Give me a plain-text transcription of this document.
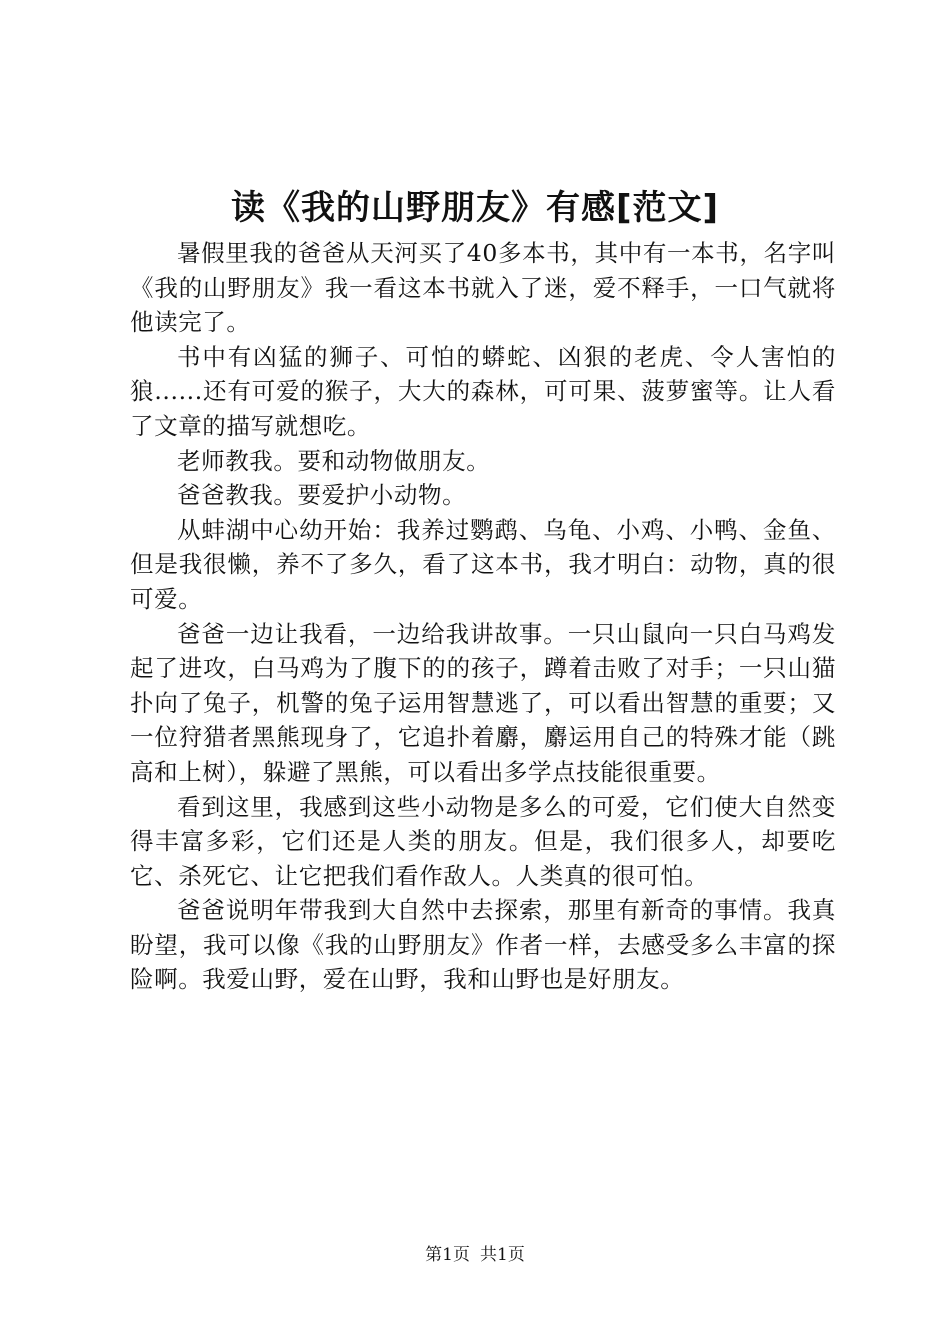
读《我的山野朋友》有感[范文]

暑假里我的爸爸从天河买了40多本书，其中有一本书，名字叫《我的山野朋友》我一看这本书就入了迷，爱不释手，一口气就将他读完了。

书中有凶猛的狮子、可怕的蟒蛇、凶狠的老虎、令人害怕的狼......还有可爱的猴子，大大的森林，可可果、菠萝蜜等。让人看了文章的描写就想吃。

老师教我。要和动物做朋友。

爸爸教我。要爱护小动物。

从蚌湖中心幼开始：我养过鹦鹉、乌龟、小鸡、小鸭、金鱼、但是我很懒，养不了多久，看了这本书，我才明白：动物，真的很可爱。

爸爸一边让我看，一边给我讲故事。一只山鼠向一只白马鸡发起了进攻，白马鸡为了腹下的的孩子，蹲着击败了对手；一只山猫扑向了兔子，机警的兔子运用智慧逃了，可以看出智慧的重要；又一位狩猎者黑熊现身了，它追扑着麝，麝运用自己的特殊才能（跳高和上树），躲避了黑熊，可以看出多学点技能很重要。

看到这里，我感到这些小动物是多么的可爱，它们使大自然变得丰富多彩，它们还是人类的朋友。但是，我们很多人，却要吃它、杀死它、让它把我们看作敌人。人类真的很可怕。

爸爸说明年带我到大自然中去探索，那里有新奇的事情。我真盼望，我可以像《我的山野朋友》作者一样，去感受多么丰富的探险啊。我爱山野，爱在山野，我和山野也是好朋友。

第1页 共1页
